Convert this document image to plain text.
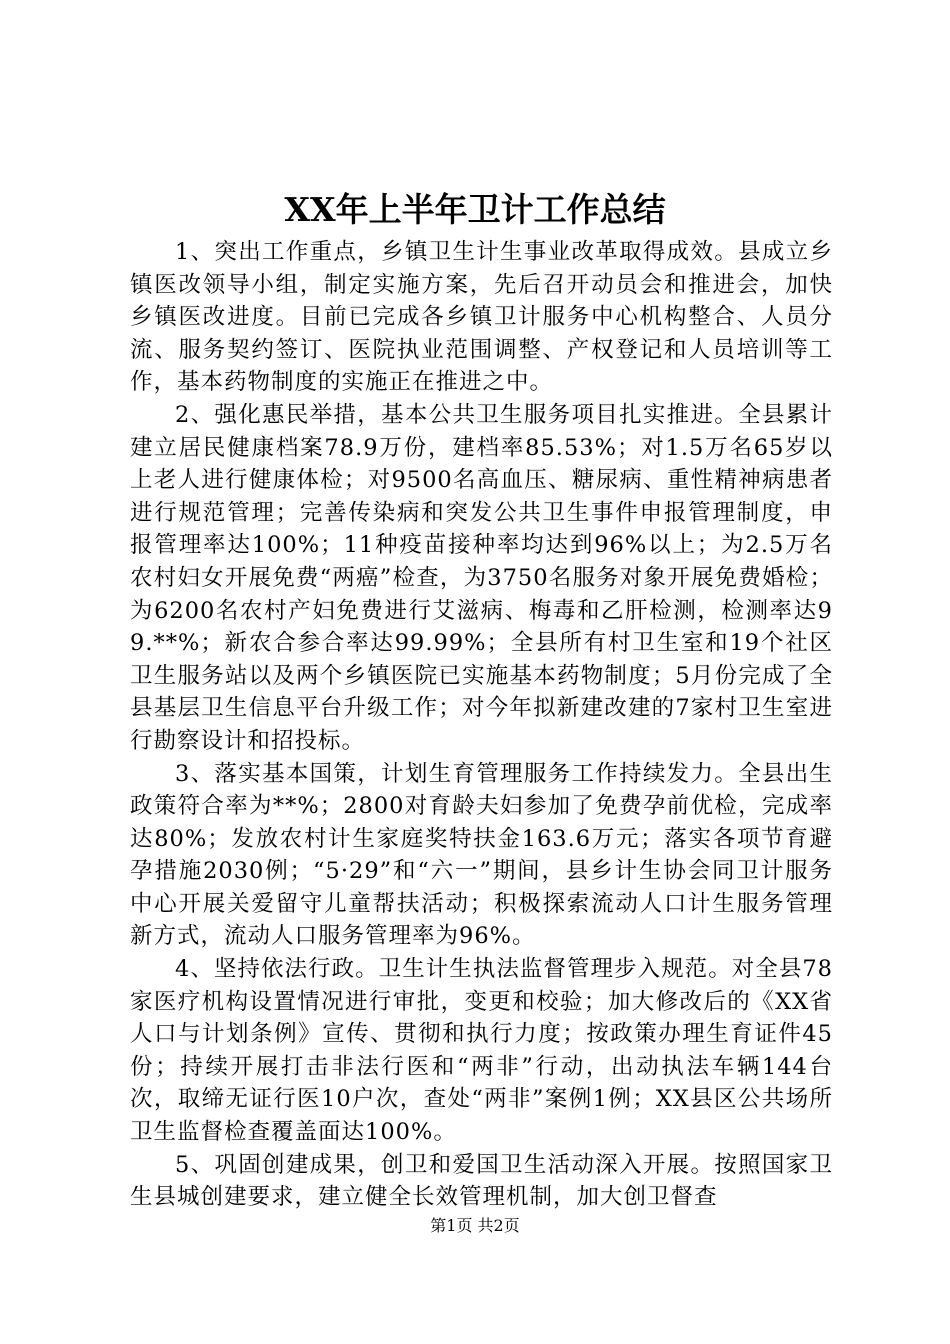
XX年上半年卫计工作总结

1、突出工作重点，乡镇卫生计生事业改革取得成效。县成立乡镇医改领导小组，制定实施方案，先后召开动员会和推进会，加快乡镇医改进度。目前已完成各乡镇卫计服务中心机构整合、人员分流、服务契约签订、医院执业范围调整、产权登记和人员培训等工作，基本药物制度的实施正在推进之中。

2、强化惠民举措，基本公共卫生服务项目扎实推进。全县累计建立居民健康档案78.9万份，建档率85.53%；对1.5万名65岁以上老人进行健康体检；对9500名高血压、糖尿病、重性精神病患者进行规范管理；完善传染病和突发公共卫生事件申报管理制度，申报管理率达100%；11种疫苗接种率均达到96%以上；为2.5万名农村妇女开展免费“两癌”检查，为3750名服务对象开展免费婚检；为6200名农村产妇免费进行艾滋病、梅毒和乙肝检测，检测率达99.**%；新农合参合率达99.99%；全县所有村卫生室和19个社区卫生服务站以及两个乡镇医院已实施基本药物制度；5月份完成了全县基层卫生信息平台升级工作；对今年拟新建改建的7家村卫生室进行勘察设计和招投标。

3、落实基本国策，计划生育管理服务工作持续发力。全县出生政策符合率为**%；2800对育龄夫妇参加了免费孕前优检，完成率达80%；发放农村计生家庭奖特扶金163.6万元；落实各项节育避孕措施2030例；“5·29”和“六一”期间，县乡计生协会同卫计服务中心开展关爱留守儿童帮扶活动；积极探索流动人口计生服务管理新方式，流动人口服务管理率为96%。

4、坚持依法行政。卫生计生执法监督管理步入规范。对全县78家医疗机构设置情况进行审批，变更和校验；加大修改后的《XX省人口与计划条例》宣传、贯彻和执行力度；按政策办理生育证件45份；持续开展打击非法行医和“两非”行动，出动执法车辆144台次，取缔无证行医10户次，查处“两非”案例1例；XX县区公共场所卫生监督检查覆盖面达100%。

5、巩固创建成果，创卫和爱国卫生活动深入开展。按照国家卫生县城创建要求，建立健全长效管理机制，加大创卫督查

第1页 共2页
